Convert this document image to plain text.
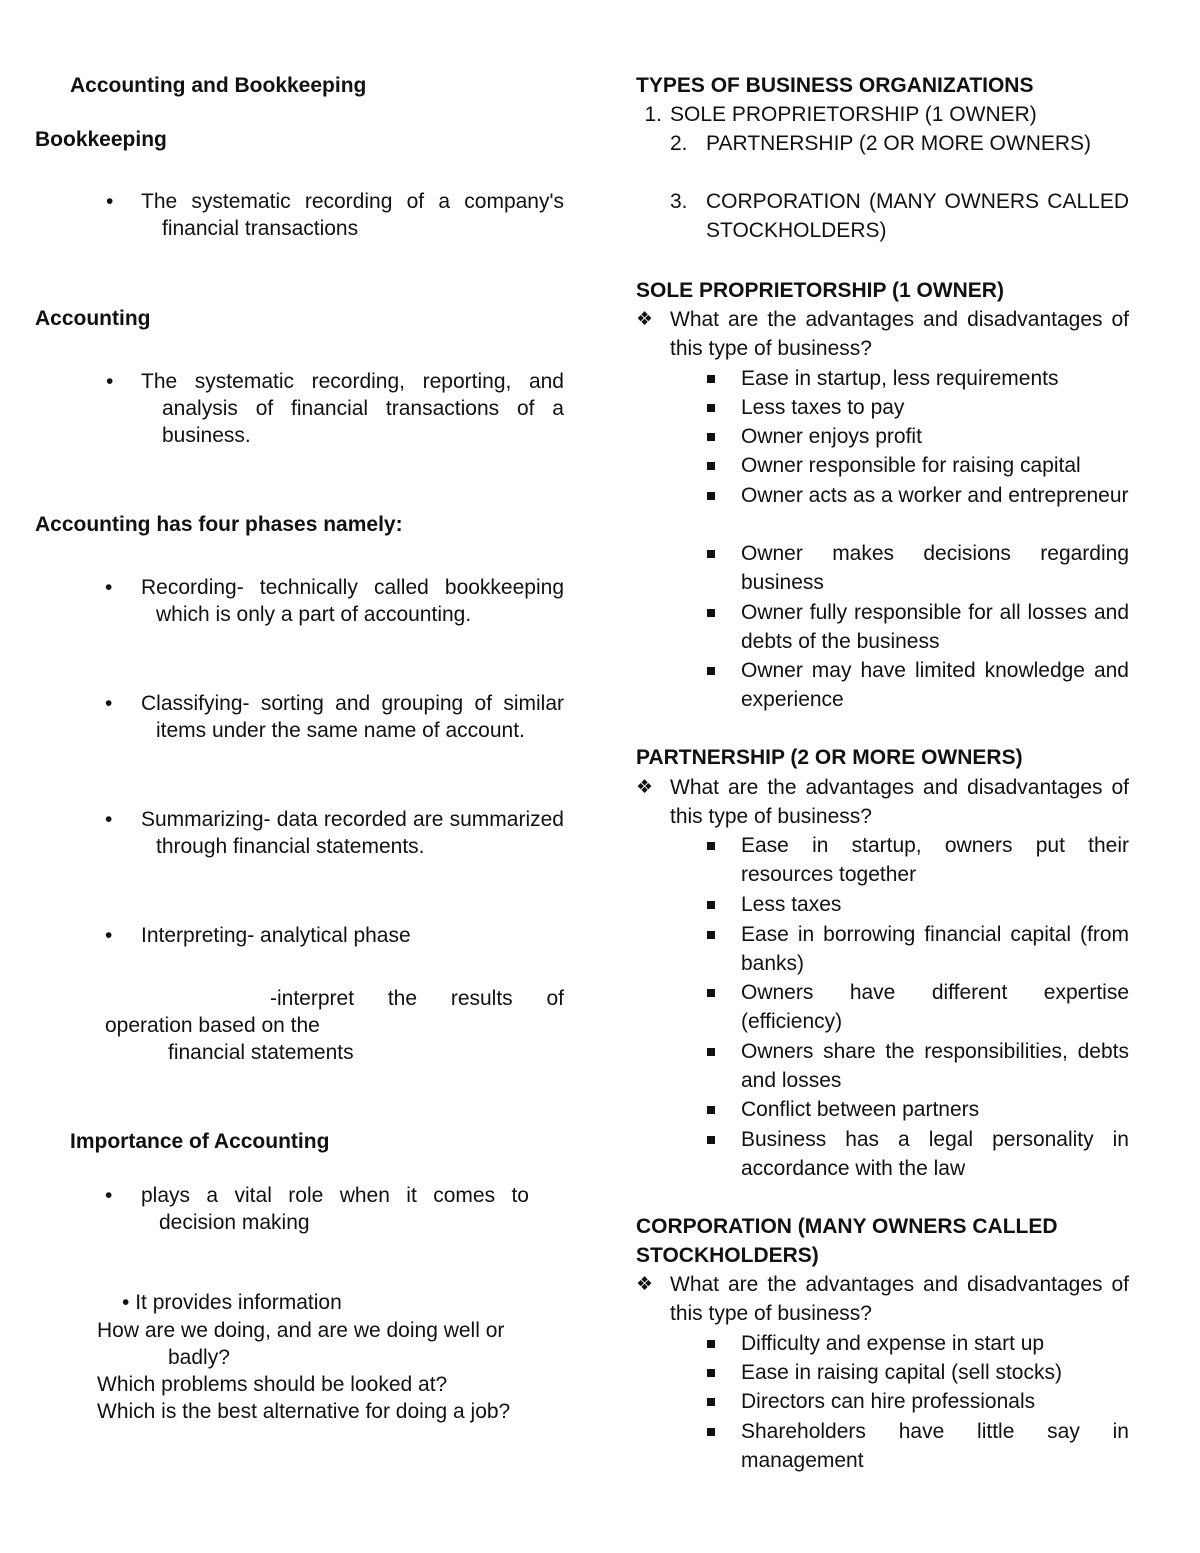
Accounting and Bookkeeping
Bookkeeping
•	The systematic recording of a company's financial transactions
Accounting
•	The systematic recording, reporting, and analysis of financial transactions of a business.
Accounting has four phases namely:
•	Recording- technically called bookkeeping which is only a part of accounting.
•	Classifying- sorting and grouping of similar items under the same name of account.
•	Summarizing- data recorded are summarized through financial statements.
•	Interpreting- analytical phase
-interpret the results of
operation based on the
financial statements
Importance of Accounting
•	plays a vital role when it comes to decision making
• It provides information
How are we doing, and are we doing well or
badly?
Which problems should be looked at?
Which is the best alternative for doing a job?
TYPES OF BUSINESS ORGANIZATIONS
1. SOLE PROPRIETORSHIP (1 OWNER)
2. PARTNERSHIP (2 OR MORE OWNERS)
3. CORPORATION (MANY OWNERS CALLED STOCKHOLDERS)
SOLE PROPRIETORSHIP (1 OWNER)
❖ What are the advantages and disadvantages of this type of business?
Ease in startup, less requirements
Less taxes to pay
Owner enjoys profit
Owner responsible for raising capital
Owner acts as a worker and entrepreneur
Owner makes decisions regarding business
Owner fully responsible for all losses and debts of the business
Owner may have limited knowledge and experience
PARTNERSHIP (2 OR MORE OWNERS)
❖ What are the advantages and disadvantages of this type of business?
Ease in startup, owners put their resources together
Less taxes
Ease in borrowing financial capital (from banks)
Owners have different expertise (efficiency)
Owners share the responsibilities, debts and losses
Conflict between partners
Business has a legal personality in accordance with the law
CORPORATION (MANY OWNERS CALLED
STOCKHOLDERS)
❖ What are the advantages and disadvantages of this type of business?
Difficulty and expense in start up
Ease in raising capital (sell stocks)
Directors can hire professionals
Shareholders have little say in management
